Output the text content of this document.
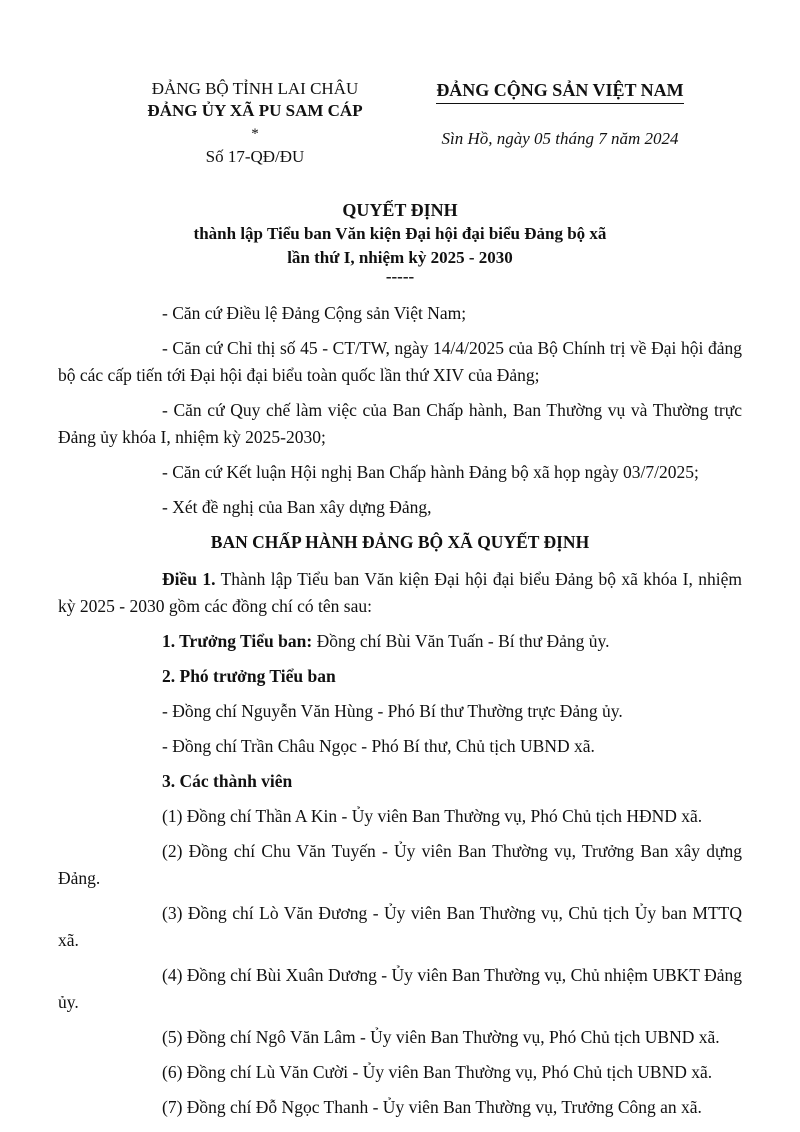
ĐẢNG BỘ TỈNH LAI CHÂU
ĐẢNG ỦY XÃ PU SAM CÁP
*
Số 17-QĐ/ĐU
ĐẢNG CỘNG SẢN VIỆT NAM
Sìn Hồ, ngày 05 tháng 7 năm 2024
QUYẾT ĐỊNH
thành lập Tiểu ban Văn kiện Đại hội đại biểu Đảng bộ xã
lần thứ I, nhiệm kỳ 2025 - 2030
-----

- Căn cứ Điều lệ Đảng Cộng sản Việt Nam;

- Căn cứ Chỉ thị số 45 - CT/TW, ngày 14/4/2025 của Bộ Chính trị về Đại hội đảng bộ các cấp tiến tới Đại hội đại biểu toàn quốc lần thứ XIV của Đảng;

- Căn cứ Quy chế làm việc của Ban Chấp hành, Ban Thường vụ và Thường trực Đảng ủy khóa I, nhiệm kỳ 2025-2030;

- Căn cứ Kết luận Hội nghị Ban Chấp hành Đảng bộ xã họp ngày 03/7/2025;

- Xét đề nghị của Ban xây dựng Đảng,

BAN CHẤP HÀNH ĐẢNG BỘ XÃ QUYẾT ĐỊNH

Điều 1. Thành lập Tiểu ban Văn kiện Đại hội đại biểu Đảng bộ xã khóa I, nhiệm kỳ 2025 - 2030 gồm các đồng chí có tên sau:

1. Trưởng Tiểu ban: Đồng chí Bùi Văn Tuấn - Bí thư Đảng ủy.

2. Phó trưởng Tiểu ban

- Đồng chí Nguyễn Văn Hùng - Phó Bí thư Thường trực Đảng ủy.

- Đồng chí Trần Châu Ngọc - Phó Bí thư, Chủ tịch UBND xã.

3. Các thành viên

(1) Đồng chí Thần A Kin - Ủy viên Ban Thường vụ, Phó Chủ tịch HĐND xã.

(2) Đồng chí Chu Văn Tuyến - Ủy viên Ban Thường vụ, Trưởng Ban xây dựng Đảng.

(3) Đồng chí Lò Văn Đương - Ủy viên Ban Thường vụ, Chủ tịch Ủy ban MTTQ xã.

(4) Đồng chí Bùi Xuân Dương - Ủy viên Ban Thường vụ, Chủ nhiệm UBKT Đảng ủy.

(5) Đồng chí Ngô Văn Lâm - Ủy viên Ban Thường vụ, Phó Chủ tịch UBND xã.

(6) Đồng chí Lù Văn Cười - Ủy viên Ban Thường vụ, Phó Chủ tịch UBND xã.

(7) Đồng chí Đỗ Ngọc Thanh - Ủy viên Ban Thường vụ, Trưởng Công an xã.
